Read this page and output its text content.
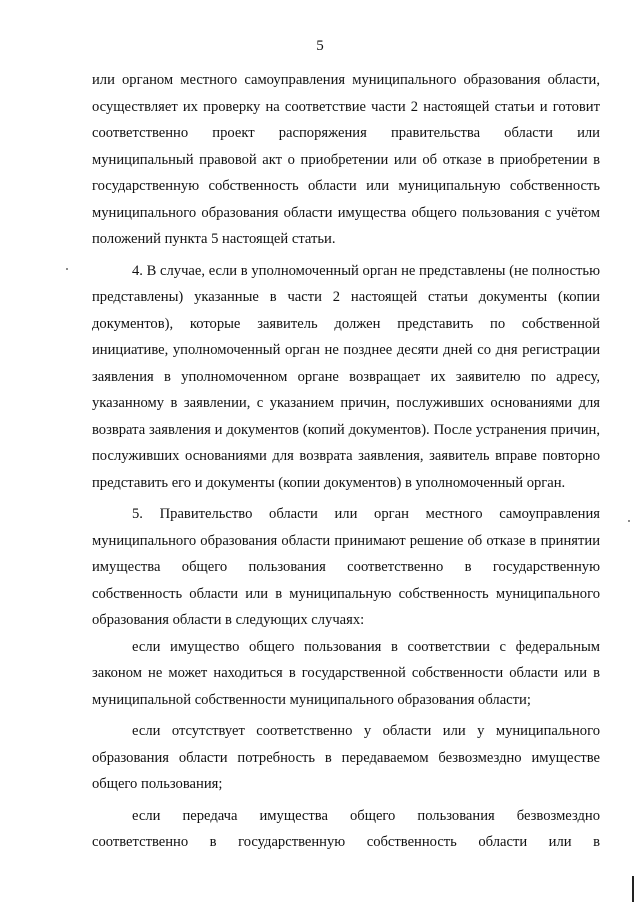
5

или органом местного самоуправления муниципального образования области, осуществляет их проверку на соответствие части 2 настоящей статьи и готовит соответственно проект распоряжения правительства области или муниципальный правовой акт о приобретении или об отказе в приобретении в государственную собственность области или муниципальную собственность муниципального образования области имущества общего пользования с учётом положений пункта 5 настоящей статьи.

4. В случае, если в уполномоченный орган не представлены (не полностью представлены) указанные в части 2 настоящей статьи документы (копии документов), которые заявитель должен представить по собственной инициативе, уполномоченный орган не позднее десяти дней со дня регистрации заявления в уполномоченном органе возвращает их заявителю по адресу, указанному в заявлении, с указанием причин, послуживших основаниями для возврата заявления и документов (копий документов). После устранения причин, послуживших основаниями для возврата заявления, заявитель вправе повторно представить его и документы (копии документов) в уполномоченный орган.

5. Правительство области или орган местного самоуправления муниципального образования области принимают решение об отказе в принятии имущества общего пользования соответственно в государственную собственность области или в муниципальную собственность муниципального образования области в следующих случаях:

если имущество общего пользования в соответствии с федеральным законом не может находиться в государственной собственности области или в муниципальной собственности муниципального образования области;

если отсутствует соответственно у области или у муниципального образования области потребность в передаваемом безвозмездно имуществе общего пользования;

если передача имущества общего пользования безвозмездно соответственно в государственную собственность области или в
